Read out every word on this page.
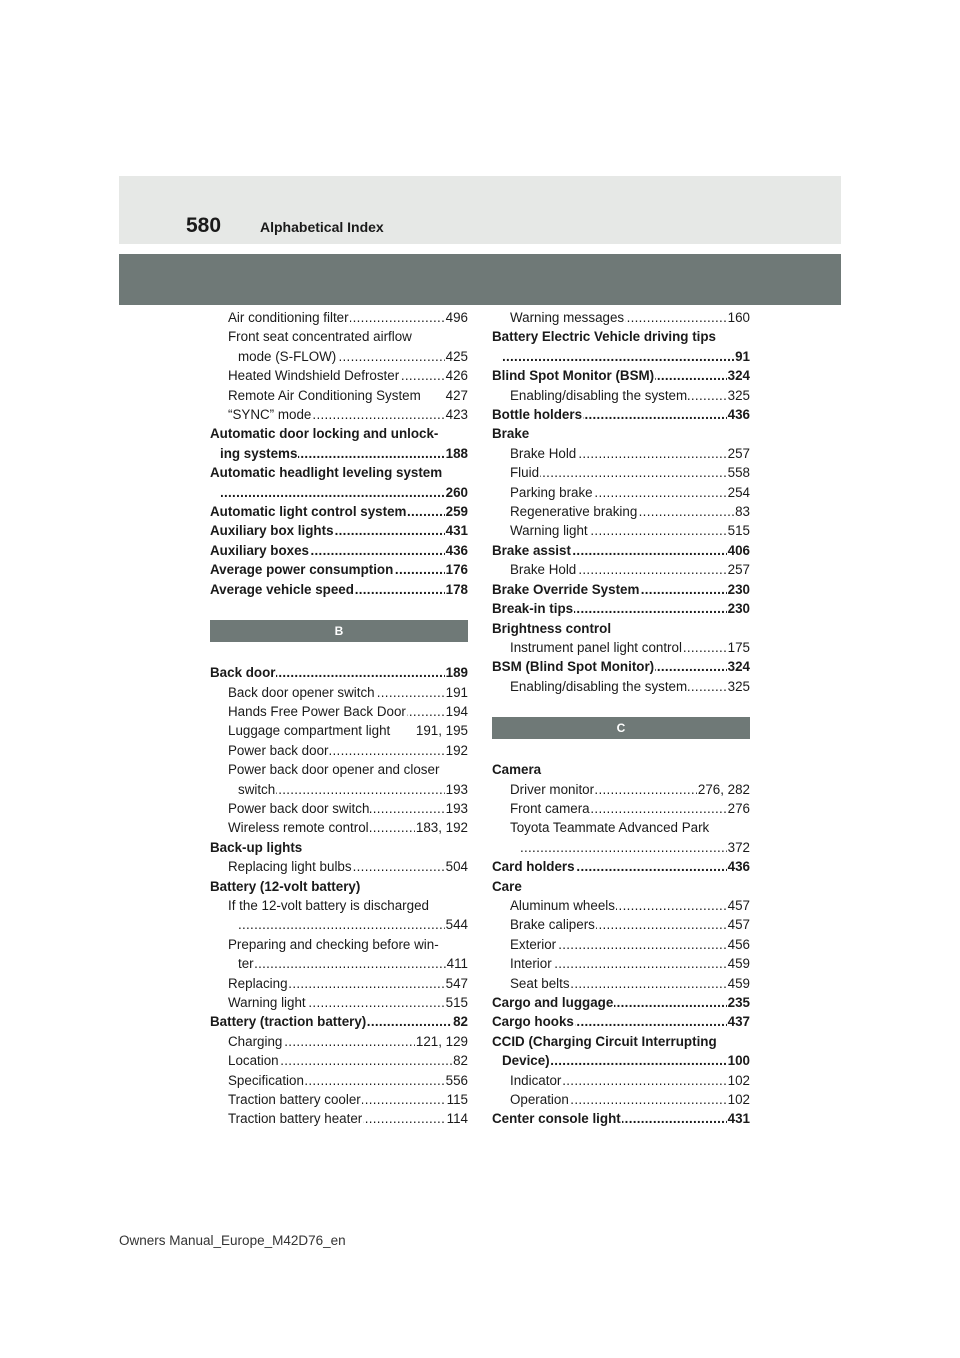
580	Alphabetical Index
..... Air conditioning filter	496
Front seat concentrated airflow
..... mode (S-FLOW)	425
..... Heated Windshield Defroster	426
Remote Air Conditioning System 427
..... “SYNC” mode	423
Automatic door locking and unlock-
..... ing systems	188
Automatic headlight leveling system
..... 260
..... Automatic light control system	259
..... Auxiliary box lights	431
..... Auxiliary boxes	436
..... Average power consumption	176
..... Average vehicle speed	178
B
..... Back door	189
..... Back door opener switch	191
..... Hands Free Power Back Door	194
Luggage compartment light 191, 195
..... Power back door	192
Power back door opener and closer
..... switch	193
..... Power back door switch	193
..... Wireless remote control	183, 192
Back-up lights
..... Replacing light bulbs	504
Battery (12-volt battery)
If the 12-volt battery is discharged
..... 544
Preparing and checking before win-
..... ter	411
..... Replacing	547
..... Warning light	515
..... Battery (traction battery)	82
..... Charging	121, 129
..... Location	82
..... Specification	556
..... Traction battery cooler	115
..... Traction battery heater	114
..... Warning messages	160
Battery Electric Vehicle driving tips
..... 91
..... Blind Spot Monitor (BSM)	324
..... Enabling/disabling the system	325
..... Bottle holders	436
Brake
..... Brake Hold	257
..... Fluid	558
..... Parking brake	254
..... Regenerative braking	83
..... Warning light	515
..... Brake assist	406
..... Brake Hold	257
..... Brake Override System	230
..... Break-in tips	230
Brightness control
..... Instrument panel light control	175
..... BSM (Blind Spot Monitor)	324
..... Enabling/disabling the system	325
C
Camera
..... Driver monitor	276, 282
..... Front camera	276
Toyota Teammate Advanced Park
..... 372
..... Card holders	436
Care
..... Aluminum wheels	457
..... Brake calipers	457
..... Exterior	456
..... Interior	459
..... Seat belts	459
..... Cargo and luggage	235
..... Cargo hooks	437
CCID (Charging Circuit Interrupting
..... Device)	100
..... Indicator	102
..... Operation	102
..... Center console light	431
Owners Manual_Europe_M42D76_en
